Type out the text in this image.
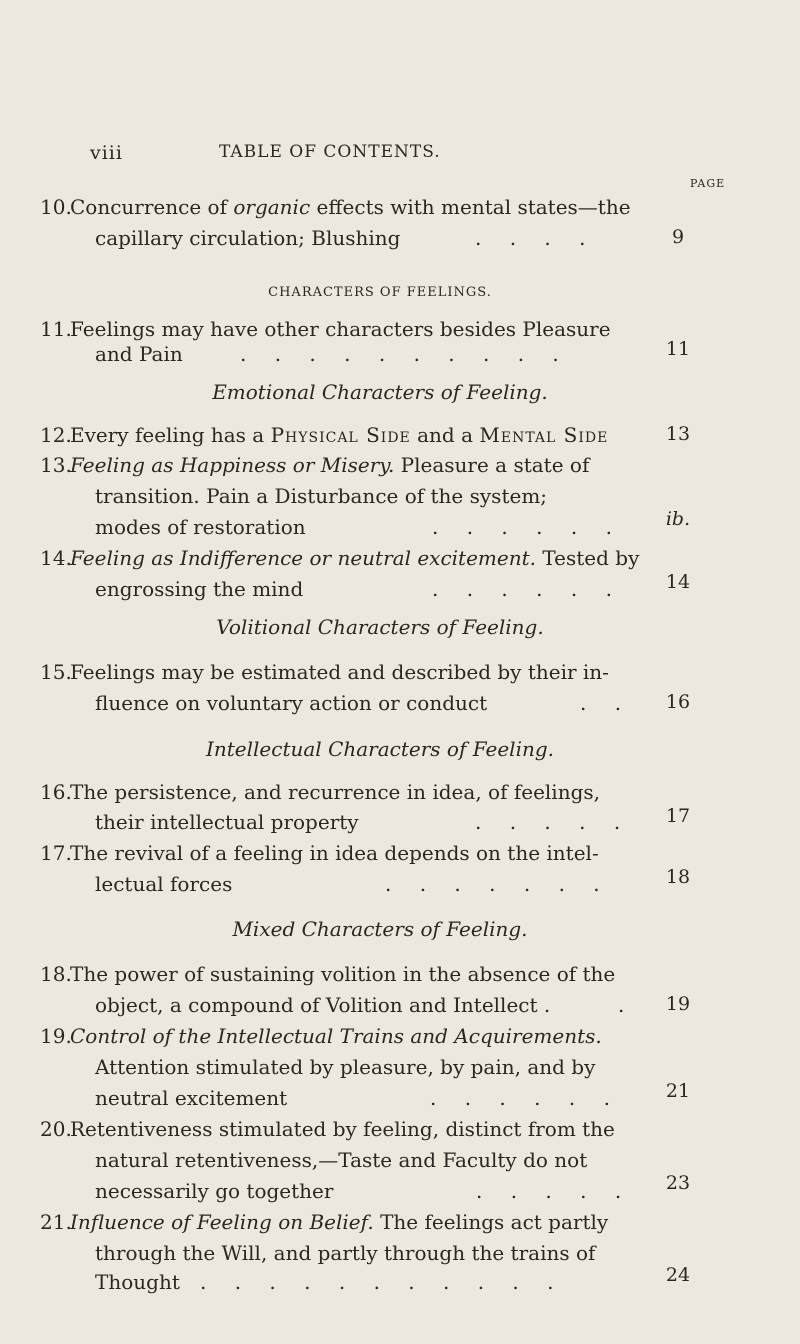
viii	TABLE OF CONTENTS.
PAGE
10.
Concurrence of organic effects with mental states—the
capillary circulation; Blushing	. . . .	9
CHARACTERS OF FEELINGS.
11.
Feelings may have other characters besides Pleasure
and Pain	. . . . . . . . . .	11
Emotional Characters of Feeling.
12.
Every feeling has a Physical Side and a Mental Side	13
13.
Feeling as Happiness or Misery. Pleasure a state of
transition. Pain a Disturbance of the system;
modes of restoration	. . . . . .	ib.
14.
Feeling as Indifference or neutral excitement. Tested by
engrossing the mind	. . . . . .	14
Volitional Characters of Feeling.
15.
Feelings may be estimated and described by their in-
fluence on voluntary action or conduct	. .	16
Intellectual Characters of Feeling.
16.
The persistence, and recurrence in idea, of feelings,
their intellectual property	. . . . .	17
17.
The revival of a feeling in idea depends on the intel-
lectual forces	. . . . . . .	18
Mixed Characters of Feeling.
18.
The power of sustaining volition in the absence of the
object, a compound of Volition and Intellect .	.	19
19.
Control of the Intellectual Trains and Acquirements.
Attention stimulated by pleasure, by pain, and by
neutral excitement	. . . . . .	21
20.
Retentiveness stimulated by feeling, distinct from the
natural retentiveness,—Taste and Faculty do not
necessarily go together	. . . . .	23
21.
Influence of Feeling on Belief. The feelings act partly
through the Will, and partly through the trains of
Thought . . . . . . . . . . .	24
